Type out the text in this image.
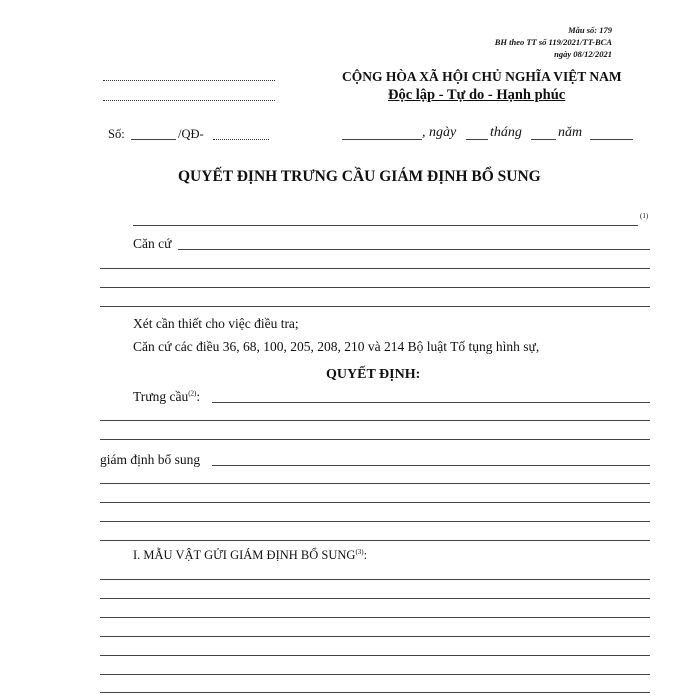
Mẫu số: 179
BH theo TT số 119/2021/TT-BCA
ngày 08/12/2021
CỘNG HÒA XÃ HỘI CHỦ NGHĨA VIỆT NAM
Độc lập - Tự do - Hạnh phúc
Số:	/QĐ-	, ngày tháng	năm
QUYẾT ĐỊNH TRƯNG CẦU GIÁM ĐỊNH BỔ SUNG
(1)
Căn cứ
Xét cần thiết cho việc điều tra;
Căn cứ các điều 36, 68, 100, 205, 208, 210 và 214 Bộ luật Tố tụng hình sự,
QUYẾT ĐỊNH:
Trưng cầu$^{(2)}$:
giám định bổ sung
I. MẪU VẬT GỬI GIÁM ĐỊNH BỔ SUNG$^{(3)}$:
